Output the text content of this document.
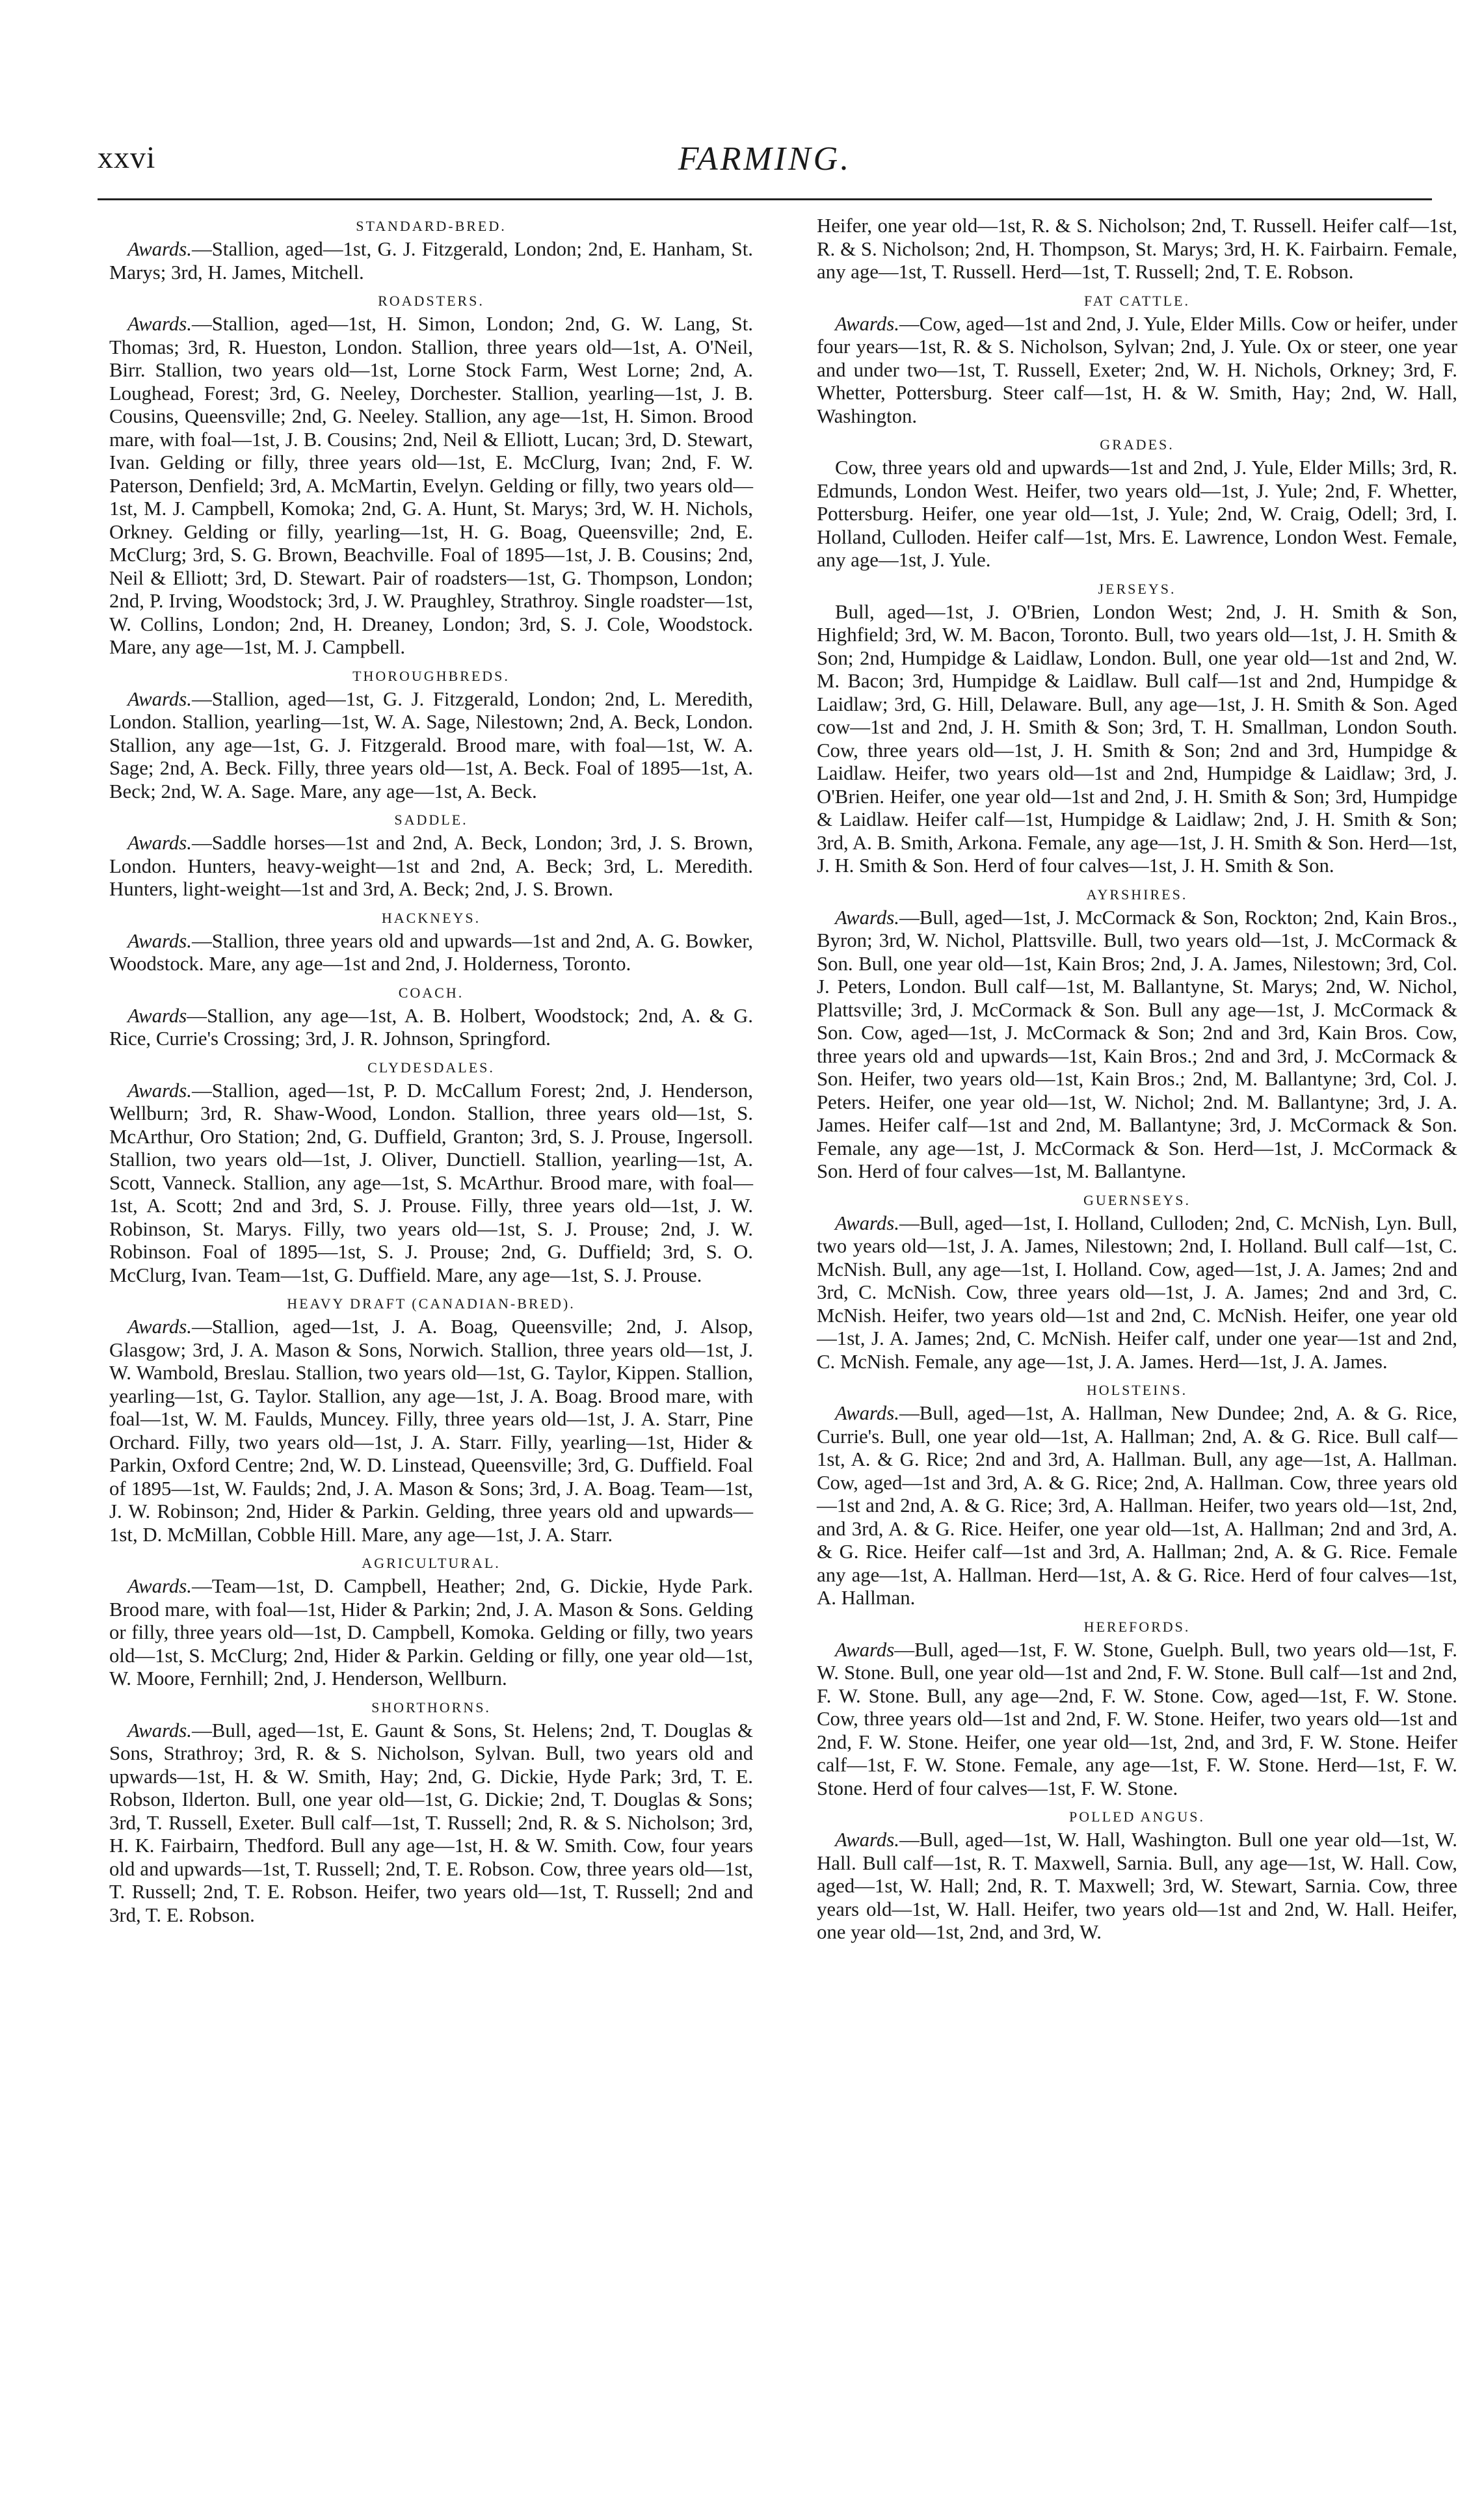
xxvi	FARMING.
STANDARD-BRED.

Awards.—Stallion, aged—1st, G. J. Fitzgerald, London; 2nd, E. Hanham, St. Marys; 3rd, H. James, Mitchell.

ROADSTERS.

Awards.—Stallion, aged—1st, H. Simon, London; 2nd, G. W. Lang, St. Thomas; 3rd, R. Hueston, London. Stallion, three years old—1st, A. O'Neil, Birr. Stallion, two years old—1st, Lorne Stock Farm, West Lorne; 2nd, A. Loughead, Forest; 3rd, G. Neeley, Dorchester. Stallion, yearling—1st, J. B. Cousins, Queensville; 2nd, G. Neeley. Stallion, any age—1st, H. Simon. Brood mare, with foal—1st, J. B. Cousins; 2nd, Neil & Elliott, Lucan; 3rd, D. Stewart, Ivan. Gelding or filly, three years old—1st, E. McClurg, Ivan; 2nd, F. W. Paterson, Denfield; 3rd, A. McMartin, Evelyn. Gelding or filly, two years old—1st, M. J. Campbell, Komoka; 2nd, G. A. Hunt, St. Marys; 3rd, W. H. Nichols, Orkney. Gelding or filly, yearling—1st, H. G. Boag, Queensville; 2nd, E. McClurg; 3rd, S. G. Brown, Beachville. Foal of 1895—1st, J. B. Cousins; 2nd, Neil & Elliott; 3rd, D. Stewart. Pair of roadsters—1st, G. Thompson, London; 2nd, P. Irving, Woodstock; 3rd, J. W. Praughley, Strathroy. Single roadster—1st, W. Collins, London; 2nd, H. Dreaney, London; 3rd, S. J. Cole, Woodstock. Mare, any age—1st, M. J. Campbell.

THOROUGHBREDS.

Awards.—Stallion, aged—1st, G. J. Fitzgerald, London; 2nd, L. Meredith, London. Stallion, yearling—1st, W. A. Sage, Nilestown; 2nd, A. Beck, London. Stallion, any age—1st, G. J. Fitzgerald. Brood mare, with foal—1st, W. A. Sage; 2nd, A. Beck. Filly, three years old—1st, A. Beck. Foal of 1895—1st, A. Beck; 2nd, W. A. Sage. Mare, any age—1st, A. Beck.

SADDLE.

Awards.—Saddle horses—1st and 2nd, A. Beck, London; 3rd, J. S. Brown, London. Hunters, heavy-weight—1st and 2nd, A. Beck; 3rd, L. Meredith. Hunters, light-weight—1st and 3rd, A. Beck; 2nd, J. S. Brown.

HACKNEYS.

Awards.—Stallion, three years old and upwards—1st and 2nd, A. G. Bowker, Woodstock. Mare, any age—1st and 2nd, J. Holderness, Toronto.

COACH.

Awards—Stallion, any age—1st, A. B. Holbert, Woodstock; 2nd, A. & G. Rice, Currie's Crossing; 3rd, J. R. Johnson, Springford.

CLYDESDALES.

Awards.—Stallion, aged—1st, P. D. McCallum Forest; 2nd, J. Henderson, Wellburn; 3rd, R. Shaw-Wood, London. Stallion, three years old—1st, S. McArthur, Oro Station; 2nd, G. Duffield, Granton; 3rd, S. J. Prouse, Ingersoll. Stallion, two years old—1st, J. Oliver, Dunctiell. Stallion, yearling—1st, A. Scott, Vanneck. Stallion, any age—1st, S. McArthur. Brood mare, with foal—1st, A. Scott; 2nd and 3rd, S. J. Prouse. Filly, three years old—1st, J. W. Robinson, St. Marys. Filly, two years old—1st, S. J. Prouse; 2nd, J. W. Robinson. Foal of 1895—1st, S. J. Prouse; 2nd, G. Duffield; 3rd, S. O. McClurg, Ivan. Team—1st, G. Duffield. Mare, any age—1st, S. J. Prouse.

HEAVY DRAFT (CANADIAN-BRED).

Awards.—Stallion, aged—1st, J. A. Boag, Queensville; 2nd, J. Alsop, Glasgow; 3rd, J. A. Mason & Sons, Norwich. Stallion, three years old—1st, J. W. Wambold, Breslau. Stallion, two years old—1st, G. Taylor, Kippen. Stallion, yearling—1st, G. Taylor. Stallion, any age—1st, J. A. Boag. Brood mare, with foal—1st, W. M. Faulds, Muncey. Filly, three years old—1st, J. A. Starr, Pine Orchard. Filly, two years old—1st, J. A. Starr. Filly, yearling—1st, Hider & Parkin, Oxford Centre; 2nd, W. D. Linstead, Queensville; 3rd, G. Duffield. Foal of 1895—1st, W. Faulds; 2nd, J. A. Mason & Sons; 3rd, J. A. Boag. Team—1st, J. W. Robinson; 2nd, Hider & Parkin. Gelding, three years old and upwards—1st, D. McMillan, Cobble Hill. Mare, any age—1st, J. A. Starr.

AGRICULTURAL.

Awards.—Team—1st, D. Campbell, Heather; 2nd, G. Dickie, Hyde Park. Brood mare, with foal—1st, Hider & Parkin; 2nd, J. A. Mason & Sons. Gelding or filly, three years old—1st, D. Campbell, Komoka. Gelding or filly, two years old—1st, S. McClurg; 2nd, Hider & Parkin. Gelding or filly, one year old—1st, W. Moore, Fernhill; 2nd, J. Henderson, Wellburn.

SHORTHORNS.

Awards.—Bull, aged—1st, E. Gaunt & Sons, St. Helens; 2nd, T. Douglas & Sons, Strathroy; 3rd, R. & S. Nicholson, Sylvan. Bull, two years old and upwards—1st, H. & W. Smith, Hay; 2nd, G. Dickie, Hyde Park; 3rd, T. E. Robson, Ilderton. Bull, one year old—1st, G. Dickie; 2nd, T. Douglas & Sons; 3rd, T. Russell, Exeter. Bull calf—1st, T. Russell; 2nd, R. & S. Nicholson; 3rd, H. K. Fairbairn, Thedford. Bull any age—1st, H. & W. Smith. Cow, four years old and upwards—1st, T. Russell; 2nd, T. E. Robson. Cow, three years old—1st, T. Russell; 2nd, T. E. Robson. Heifer, two years old—1st, T. Russell; 2nd and 3rd, T. E. Robson.

Heifer, one year old—1st, R. & S. Nicholson; 2nd, T. Russell. Heifer calf—1st, R. & S. Nicholson; 2nd, H. Thompson, St. Marys; 3rd, H. K. Fairbairn. Female, any age—1st, T. Russell. Herd—1st, T. Russell; 2nd, T. E. Robson.

FAT CATTLE.

Awards.—Cow, aged—1st and 2nd, J. Yule, Elder Mills. Cow or heifer, under four years—1st, R. & S. Nicholson, Sylvan; 2nd, J. Yule. Ox or steer, one year and under two—1st, T. Russell, Exeter; 2nd, W. H. Nichols, Orkney; 3rd, F. Whetter, Pottersburg. Steer calf—1st, H. & W. Smith, Hay; 2nd, W. Hall, Washington.

GRADES.

Cow, three years old and upwards—1st and 2nd, J. Yule, Elder Mills; 3rd, R. Edmunds, London West. Heifer, two years old—1st, J. Yule; 2nd, F. Whetter, Pottersburg. Heifer, one year old—1st, J. Yule; 2nd, W. Craig, Odell; 3rd, I. Holland, Culloden. Heifer calf—1st, Mrs. E. Lawrence, London West. Female, any age—1st, J. Yule.

JERSEYS.

Bull, aged—1st, J. O'Brien, London West; 2nd, J. H. Smith & Son, Highfield; 3rd, W. M. Bacon, Toronto. Bull, two years old—1st, J. H. Smith & Son; 2nd, Humpidge & Laidlaw, London. Bull, one year old—1st and 2nd, W. M. Bacon; 3rd, Humpidge & Laidlaw. Bull calf—1st and 2nd, Humpidge & Laidlaw; 3rd, G. Hill, Delaware. Bull, any age—1st, J. H. Smith & Son. Aged cow—1st and 2nd, J. H. Smith & Son; 3rd, T. H. Smallman, London South. Cow, three years old—1st, J. H. Smith & Son; 2nd and 3rd, Humpidge & Laidlaw. Heifer, two years old—1st and 2nd, Humpidge & Laidlaw; 3rd, J. O'Brien. Heifer, one year old—1st and 2nd, J. H. Smith & Son; 3rd, Humpidge & Laidlaw. Heifer calf—1st, Humpidge & Laidlaw; 2nd, J. H. Smith & Son; 3rd, A. B. Smith, Arkona. Female, any age—1st, J. H. Smith & Son. Herd—1st, J. H. Smith & Son. Herd of four calves—1st, J. H. Smith & Son.

AYRSHIRES.

Awards.—Bull, aged—1st, J. McCormack & Son, Rockton; 2nd, Kain Bros., Byron; 3rd, W. Nichol, Plattsville. Bull, two years old—1st, J. McCormack & Son. Bull, one year old—1st, Kain Bros; 2nd, J. A. James, Nilestown; 3rd, Col. J. Peters, London. Bull calf—1st, M. Ballantyne, St. Marys; 2nd, W. Nichol, Plattsville; 3rd, J. McCormack & Son. Bull any age—1st, J. McCormack & Son. Cow, aged—1st, J. McCormack & Son; 2nd and 3rd, Kain Bros. Cow, three years old and upwards—1st, Kain Bros.; 2nd and 3rd, J. McCormack & Son. Heifer, two years old—1st, Kain Bros.; 2nd, M. Ballantyne; 3rd, Col. J. Peters. Heifer, one year old—1st, W. Nichol; 2nd. M. Ballantyne; 3rd, J. A. James. Heifer calf—1st and 2nd, M. Ballantyne; 3rd, J. McCormack & Son. Female, any age—1st, J. McCormack & Son. Herd—1st, J. McCormack & Son. Herd of four calves—1st, M. Ballantyne.

GUERNSEYS.

Awards.—Bull, aged—1st, I. Holland, Culloden; 2nd, C. McNish, Lyn. Bull, two years old—1st, J. A. James, Nilestown; 2nd, I. Holland. Bull calf—1st, C. McNish. Bull, any age—1st, I. Holland. Cow, aged—1st, J. A. James; 2nd and 3rd, C. McNish. Cow, three years old—1st, J. A. James; 2nd and 3rd, C. McNish. Heifer, two years old—1st and 2nd, C. McNish. Heifer, one year old—1st, J. A. James; 2nd, C. McNish. Heifer calf, under one year—1st and 2nd, C. McNish. Female, any age—1st, J. A. James. Herd—1st, J. A. James.

HOLSTEINS.

Awards.—Bull, aged—1st, A. Hallman, New Dundee; 2nd, A. & G. Rice, Currie's. Bull, one year old—1st, A. Hallman; 2nd, A. & G. Rice. Bull calf—1st, A. & G. Rice; 2nd and 3rd, A. Hallman. Bull, any age—1st, A. Hallman. Cow, aged—1st and 3rd, A. & G. Rice; 2nd, A. Hallman. Cow, three years old—1st and 2nd, A. & G. Rice; 3rd, A. Hallman. Heifer, two years old—1st, 2nd, and 3rd, A. & G. Rice. Heifer, one year old—1st, A. Hallman; 2nd and 3rd, A. & G. Rice. Heifer calf—1st and 3rd, A. Hallman; 2nd, A. & G. Rice. Female any age—1st, A. Hallman. Herd—1st, A. & G. Rice. Herd of four calves—1st, A. Hallman.

HEREFORDS.

Awards—Bull, aged—1st, F. W. Stone, Guelph. Bull, two years old—1st, F. W. Stone. Bull, one year old—1st and 2nd, F. W. Stone. Bull calf—1st and 2nd, F. W. Stone. Bull, any age—2nd, F. W. Stone. Cow, aged—1st, F. W. Stone. Cow, three years old—1st and 2nd, F. W. Stone. Heifer, two years old—1st and 2nd, F. W. Stone. Heifer, one year old—1st, 2nd, and 3rd, F. W. Stone. Heifer calf—1st, F. W. Stone. Female, any age—1st, F. W. Stone. Herd—1st, F. W. Stone. Herd of four calves—1st, F. W. Stone.

POLLED ANGUS.

Awards.—Bull, aged—1st, W. Hall, Washington. Bull one year old—1st, W. Hall. Bull calf—1st, R. T. Maxwell, Sarnia. Bull, any age—1st, W. Hall. Cow, aged—1st, W. Hall; 2nd, R. T. Maxwell; 3rd, W. Stewart, Sarnia. Cow, three years old—1st, W. Hall. Heifer, two years old—1st and 2nd, W. Hall. Heifer, one year old—1st, 2nd, and 3rd, W.
